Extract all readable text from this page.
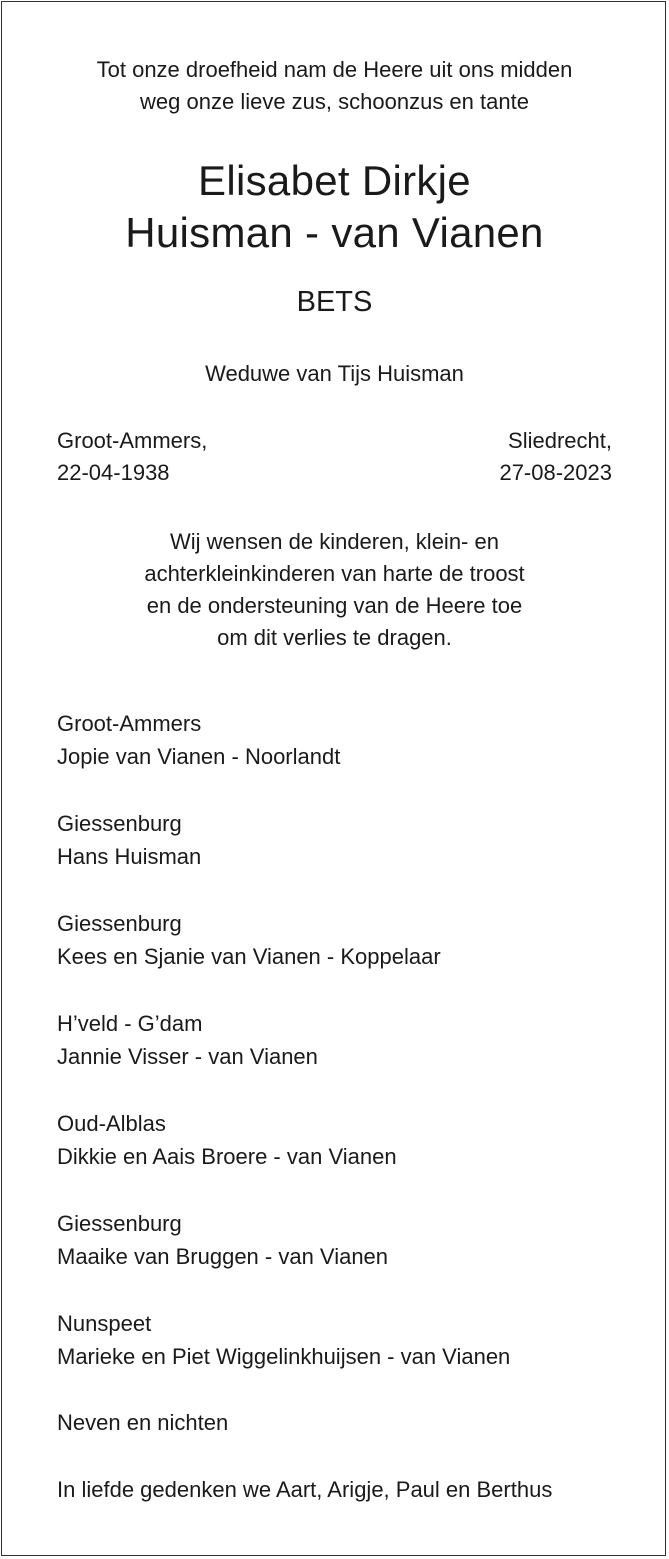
Tot onze droefheid nam de Heere uit ons midden
weg onze lieve zus, schoonzus en tante
Elisabet Dirkje
Huisman - van Vianen
BETS
Weduwe van Tijs Huisman
Groot-Ammers,
22-04-1938
Sliedrecht,
27-08-2023
Wij wensen de kinderen, klein- en
achterkleinkinderen van harte de troost
en de ondersteuning van de Heere toe
om dit verlies te dragen.
Groot-Ammers
Jopie van Vianen - Noorlandt
Giessenburg
Hans Huisman
Giessenburg
Kees en Sjanie van Vianen - Koppelaar
H’veld - G’dam
Jannie Visser - van Vianen
Oud-Alblas
Dikkie en Aais Broere - van Vianen
Giessenburg
Maaike van Bruggen - van Vianen
Nunspeet
Marieke en Piet Wiggelinkhuijsen - van Vianen
Neven en nichten
In liefde gedenken we Aart, Arigje, Paul en Berthus
